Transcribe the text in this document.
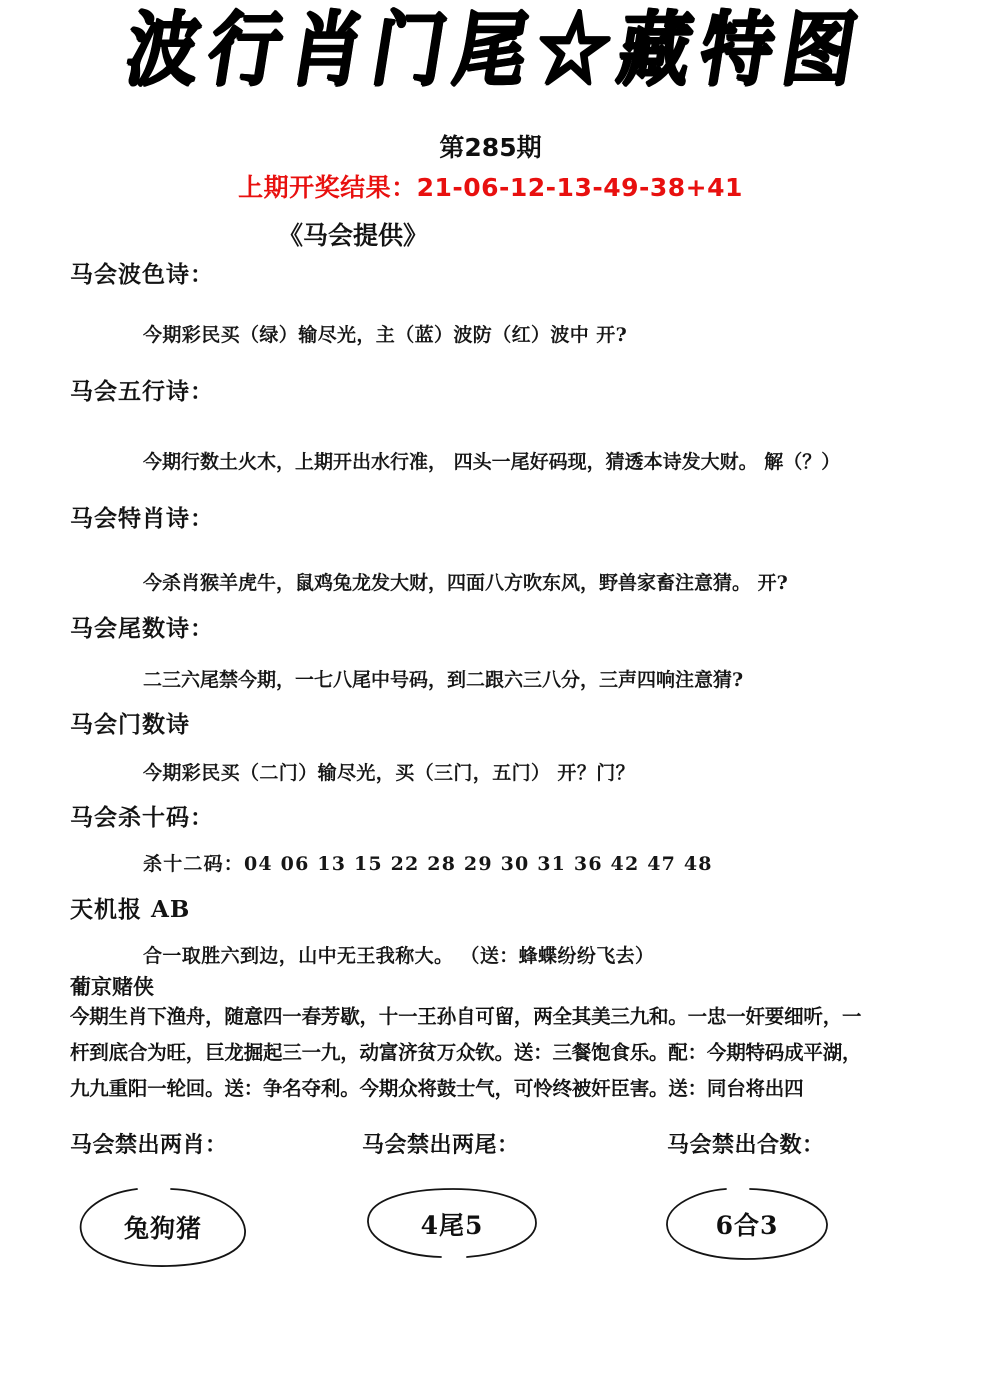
波行肖门尾☆藏特图
第285期
上期开奖结果：21-06-12-13-49-38+41
《马会提供》
马会波色诗：
今期彩民买（绿）输尽光，主（蓝）波防（红）波中 开?
马会五行诗：
今期行数土火木，上期开出水行准， 四头一尾好码现，猜透本诗发大财。 解（？）
马会特肖诗：
今杀肖猴羊虎牛，鼠鸡兔龙发大财，四面八方吹东风，野兽家畜注意猜。 开?
马会尾数诗：
二三六尾禁今期，一七八尾中号码，到二跟六三八分，三声四响注意猜?
马会门数诗
今期彩民买（二门）输尽光，买（三门，五门） 开？门？
马会杀十码：
杀十二码：04 06 13 15 22 28 29 30 31 36 42 47 48
天机报 AB
合一取胜六到边，山中无王我称大。 （送：蜂蝶纷纷飞去）
葡京赌侠
今期生肖下渔舟，随意四一春芳歇，十一王孙自可留，两全其美三九和。一忠一奸要细听，一
杆到底合为旺，巨龙掘起三一九，动富济贫万众钦。送：三餐饱食乐。配：今期特码成平湖，
九九重阳一轮回。送：争名夺利。今期众将鼓士气，可怜终被奸臣害。送：同台将出四
马会禁出两肖：	马会禁出两尾：	马会禁出合数：
兔狗猪	4尾5	6合3
